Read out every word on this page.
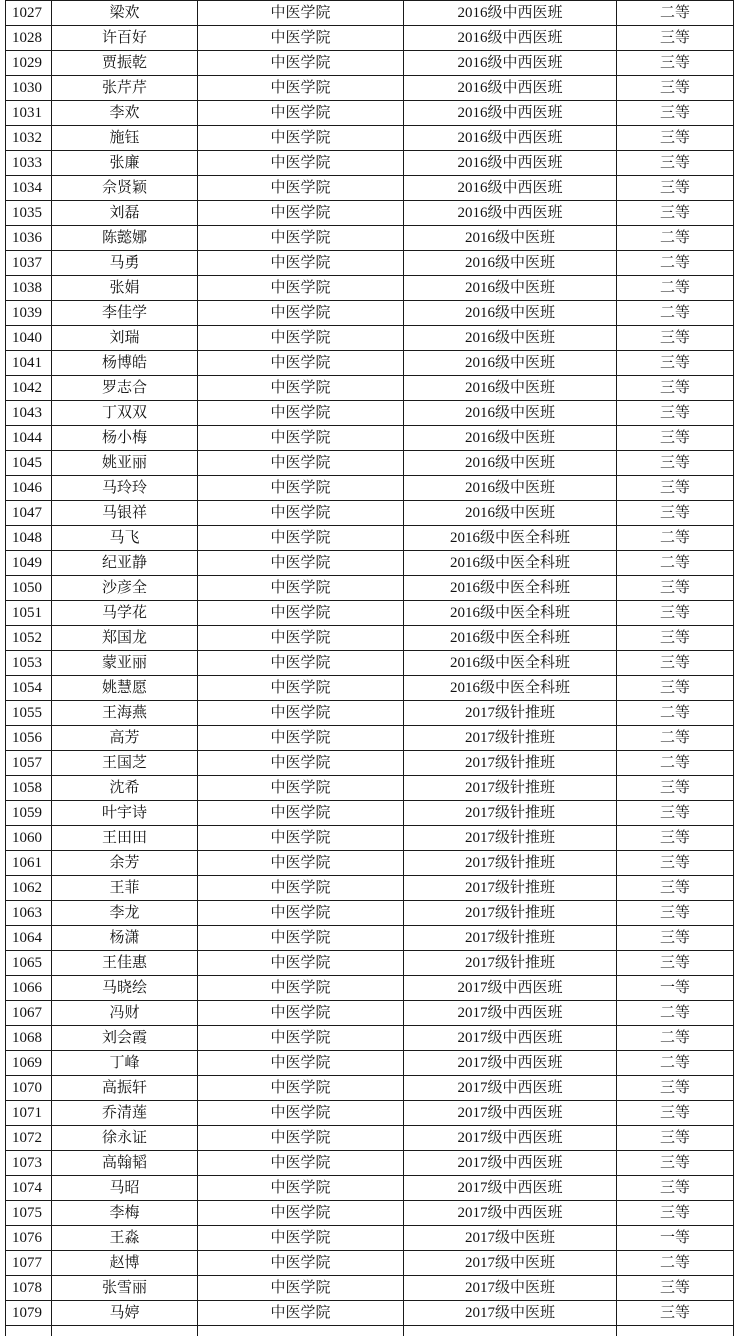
1027	梁欢	中医学院	2016级中西医班	二等
1028	许百好	中医学院	2016级中西医班	三等
1029	贾振乾	中医学院	2016级中西医班	三等
1030	张芹芹	中医学院	2016级中西医班	三等
1031	李欢	中医学院	2016级中西医班	三等
1032	施钰	中医学院	2016级中西医班	三等
1033	张廉	中医学院	2016级中西医班	三等
1034	佘贤颖	中医学院	2016级中西医班	三等
1035	刘磊	中医学院	2016级中西医班	三等
1036	陈懿娜	中医学院	2016级中医班	二等
1037	马勇	中医学院	2016级中医班	二等
1038	张娟	中医学院	2016级中医班	二等
1039	李佳学	中医学院	2016级中医班	二等
1040	刘瑞	中医学院	2016级中医班	三等
1041	杨博皓	中医学院	2016级中医班	三等
1042	罗志合	中医学院	2016级中医班	三等
1043	丁双双	中医学院	2016级中医班	三等
1044	杨小梅	中医学院	2016级中医班	三等
1045	姚亚丽	中医学院	2016级中医班	三等
1046	马玲玲	中医学院	2016级中医班	三等
1047	马银祥	中医学院	2016级中医班	三等
1048	马飞	中医学院	2016级中医全科班	二等
1049	纪亚静	中医学院	2016级中医全科班	二等
1050	沙彦全	中医学院	2016级中医全科班	三等
1051	马学花	中医学院	2016级中医全科班	三等
1052	郑国龙	中医学院	2016级中医全科班	三等
1053	蒙亚丽	中医学院	2016级中医全科班	三等
1054	姚慧愿	中医学院	2016级中医全科班	三等
1055	王海燕	中医学院	2017级针推班	二等
1056	高芳	中医学院	2017级针推班	二等
1057	王国芝	中医学院	2017级针推班	二等
1058	沈希	中医学院	2017级针推班	三等
1059	叶宇诗	中医学院	2017级针推班	三等
1060	王田田	中医学院	2017级针推班	三等
1061	余芳	中医学院	2017级针推班	三等
1062	王菲	中医学院	2017级针推班	三等
1063	李龙	中医学院	2017级针推班	三等
1064	杨潇	中医学院	2017级针推班	三等
1065	王佳惠	中医学院	2017级针推班	三等
1066	马晓绘	中医学院	2017级中西医班	一等
1067	冯财	中医学院	2017级中西医班	二等
1068	刘会霞	中医学院	2017级中西医班	二等
1069	丁峰	中医学院	2017级中西医班	二等
1070	高振轩	中医学院	2017级中西医班	三等
1071	乔清莲	中医学院	2017级中西医班	三等
1072	徐永证	中医学院	2017级中西医班	三等
1073	高翰韬	中医学院	2017级中西医班	三等
1074	马昭	中医学院	2017级中西医班	三等
1075	李梅	中医学院	2017级中西医班	三等
1076	王淼	中医学院	2017级中医班	一等
1077	赵博	中医学院	2017级中医班	二等
1078	张雪丽	中医学院	2017级中医班	三等
1079	马婷	中医学院	2017级中医班	三等
